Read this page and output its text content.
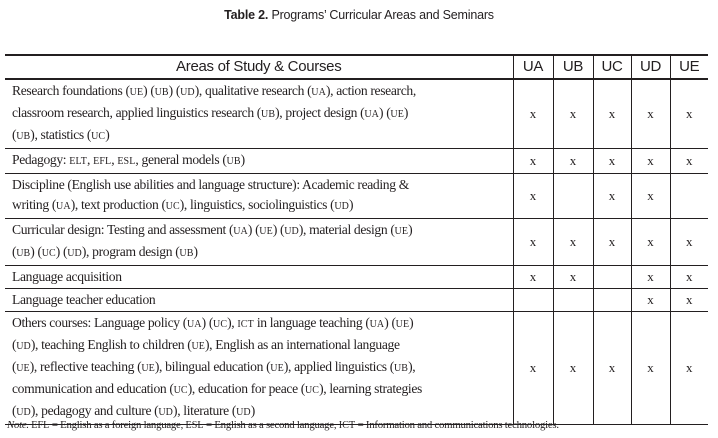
Table 2. Programs’ Curricular Areas and Seminars
Areas of Study & Courses	UA	UB	UC	UD	UE

Research foundations (UE) (UB) (UD), qualitative research (UA), action research,
classroom research, applied linguistics research (UB), project design (UA) (UE)
(UB), statistics (UC)	x	x	x	x	x

Pedagogy: ELT, EFL, ESL, general models (UB)	x	x	x	x	x

Discipline (English use abilities and language structure): Academic reading &
writing (UA), text production (UC), linguistics, sociolinguistics (UD)	x		x	x	

Curricular design: Testing and assessment (UA) (UE) (UD), material design (UE)
(UB) (UC) (UD), program design (UB)	x	x	x	x	x

Language acquisition	x	x		x	x

Language teacher education				x	x

Others courses: Language policy (UA) (UC), ICT in language teaching (UA) (UE)
(UD), teaching English to children (UE), English as an international language
(UE), reflective teaching (UE), bilingual education (UE), applied linguistics (UB),
communication and education (UC), education for peace (UC), learning strategies
(UD), pedagogy and culture (UD), literature (UD)	x	x	x	x	x
Note. EFL = English as a foreign language, ESL = English as a second language, ICT = Information and communications technologies.
